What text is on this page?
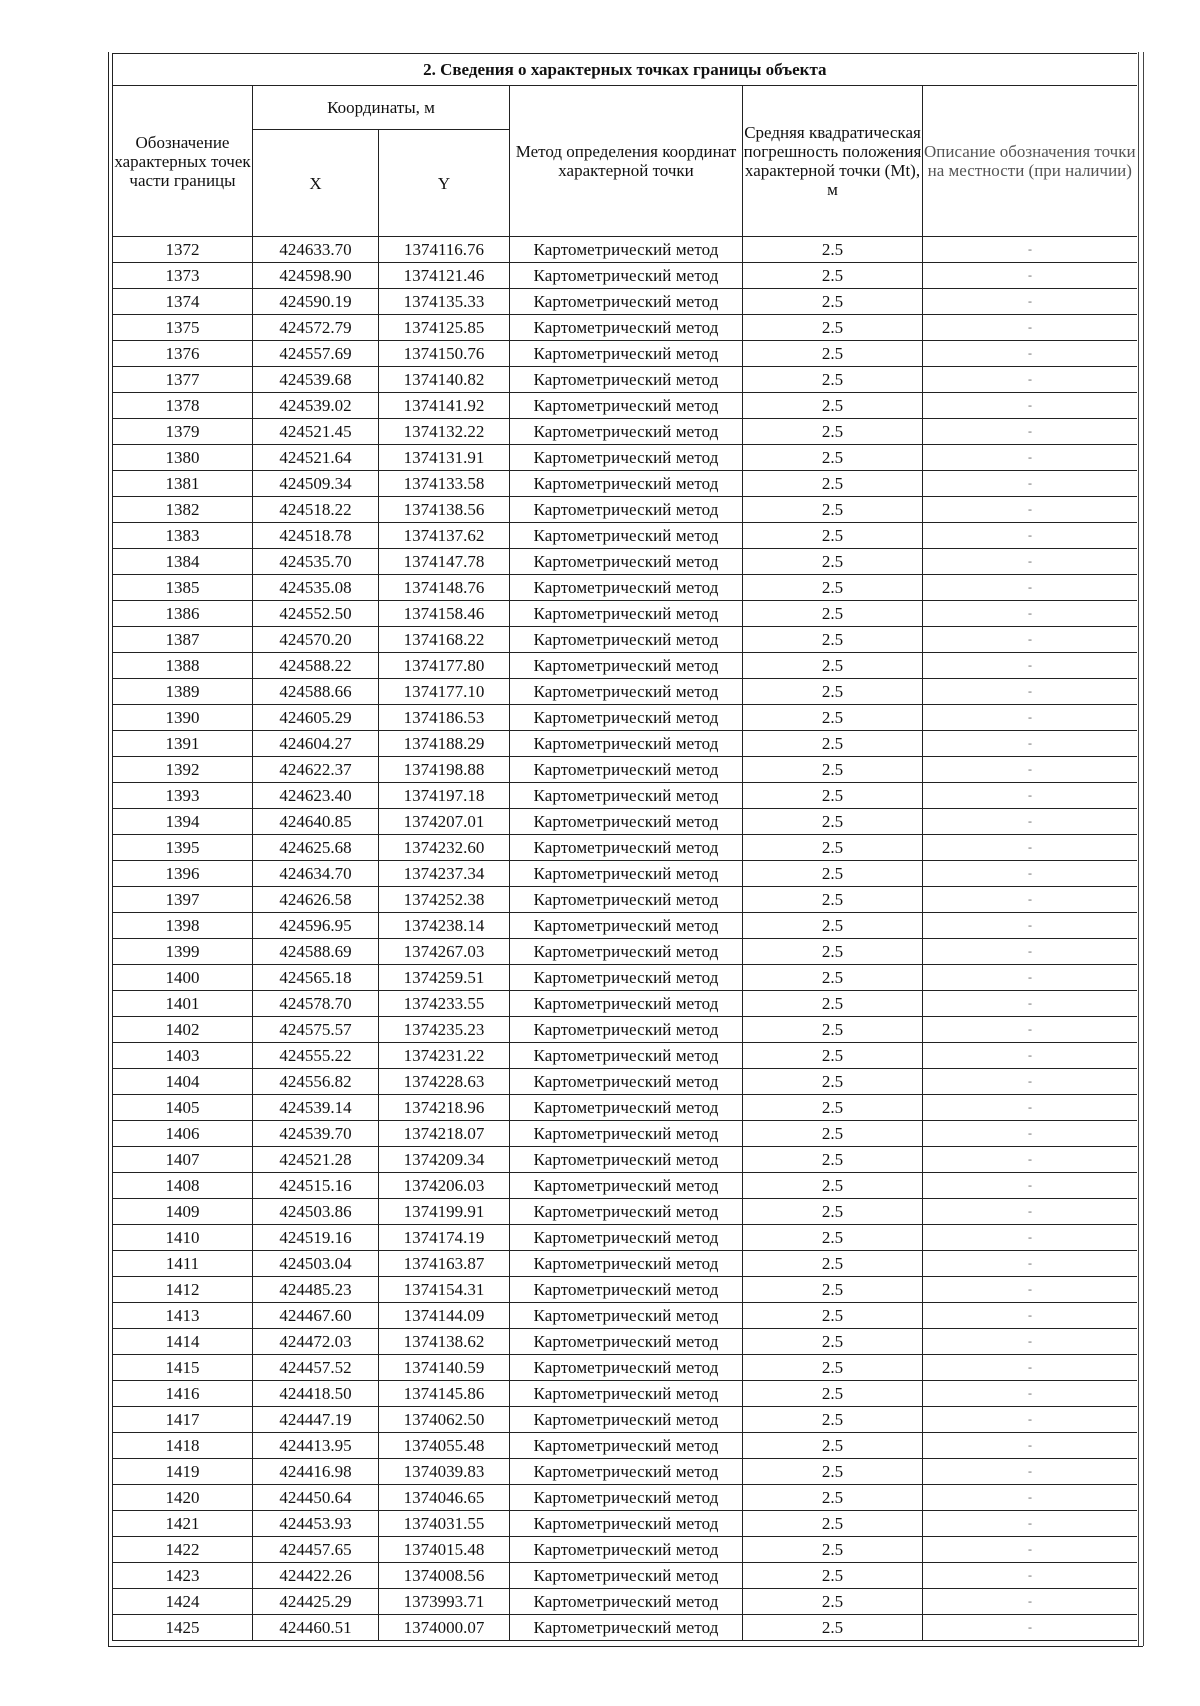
2. Сведения о характерных точках границы объекта					
Обозначение характерных точек части границы	Координаты, м		Метод определения координат характерной точки	Средняя квадратическая погрешность положения характерной точки (Mt), м	Описание обозначения точки на местности (при наличии)
	X	Y			
1372	424633.70	1374116.76	Картометрический метод	2.5	-

1373	424598.90	1374121.46	Картометрический метод	2.5	-

1374	424590.19	1374135.33	Картометрический метод	2.5	-

1375	424572.79	1374125.85	Картометрический метод	2.5	-

1376	424557.69	1374150.76	Картометрический метод	2.5	-

1377	424539.68	1374140.82	Картометрический метод	2.5	-

1378	424539.02	1374141.92	Картометрический метод	2.5	-

1379	424521.45	1374132.22	Картометрический метод	2.5	-

1380	424521.64	1374131.91	Картометрический метод	2.5	-

1381	424509.34	1374133.58	Картометрический метод	2.5	-

1382	424518.22	1374138.56	Картометрический метод	2.5	-

1383	424518.78	1374137.62	Картометрический метод	2.5	-

1384	424535.70	1374147.78	Картометрический метод	2.5	-

1385	424535.08	1374148.76	Картометрический метод	2.5	-

1386	424552.50	1374158.46	Картометрический метод	2.5	-

1387	424570.20	1374168.22	Картометрический метод	2.5	-

1388	424588.22	1374177.80	Картометрический метод	2.5	-

1389	424588.66	1374177.10	Картометрический метод	2.5	-

1390	424605.29	1374186.53	Картометрический метод	2.5	-

1391	424604.27	1374188.29	Картометрический метод	2.5	-

1392	424622.37	1374198.88	Картометрический метод	2.5	-

1393	424623.40	1374197.18	Картометрический метод	2.5	-

1394	424640.85	1374207.01	Картометрический метод	2.5	-

1395	424625.68	1374232.60	Картометрический метод	2.5	-

1396	424634.70	1374237.34	Картометрический метод	2.5	-

1397	424626.58	1374252.38	Картометрический метод	2.5	-

1398	424596.95	1374238.14	Картометрический метод	2.5	-

1399	424588.69	1374267.03	Картометрический метод	2.5	-

1400	424565.18	1374259.51	Картометрический метод	2.5	-

1401	424578.70	1374233.55	Картометрический метод	2.5	-

1402	424575.57	1374235.23	Картометрический метод	2.5	-

1403	424555.22	1374231.22	Картометрический метод	2.5	-

1404	424556.82	1374228.63	Картометрический метод	2.5	-

1405	424539.14	1374218.96	Картометрический метод	2.5	-

1406	424539.70	1374218.07	Картометрический метод	2.5	-

1407	424521.28	1374209.34	Картометрический метод	2.5	-

1408	424515.16	1374206.03	Картометрический метод	2.5	-

1409	424503.86	1374199.91	Картометрический метод	2.5	-

1410	424519.16	1374174.19	Картометрический метод	2.5	-

1411	424503.04	1374163.87	Картометрический метод	2.5	-

1412	424485.23	1374154.31	Картометрический метод	2.5	-

1413	424467.60	1374144.09	Картометрический метод	2.5	-

1414	424472.03	1374138.62	Картометрический метод	2.5	-

1415	424457.52	1374140.59	Картометрический метод	2.5	-

1416	424418.50	1374145.86	Картометрический метод	2.5	-

1417	424447.19	1374062.50	Картометрический метод	2.5	-

1418	424413.95	1374055.48	Картометрический метод	2.5	-

1419	424416.98	1374039.83	Картометрический метод	2.5	-

1420	424450.64	1374046.65	Картометрический метод	2.5	-

1421	424453.93	1374031.55	Картометрический метод	2.5	-

1422	424457.65	1374015.48	Картометрический метод	2.5	-

1423	424422.26	1374008.56	Картометрический метод	2.5	-

1424	424425.29	1373993.71	Картометрический метод	2.5	-

1425	424460.51	1374000.07	Картометрический метод	2.5	-
